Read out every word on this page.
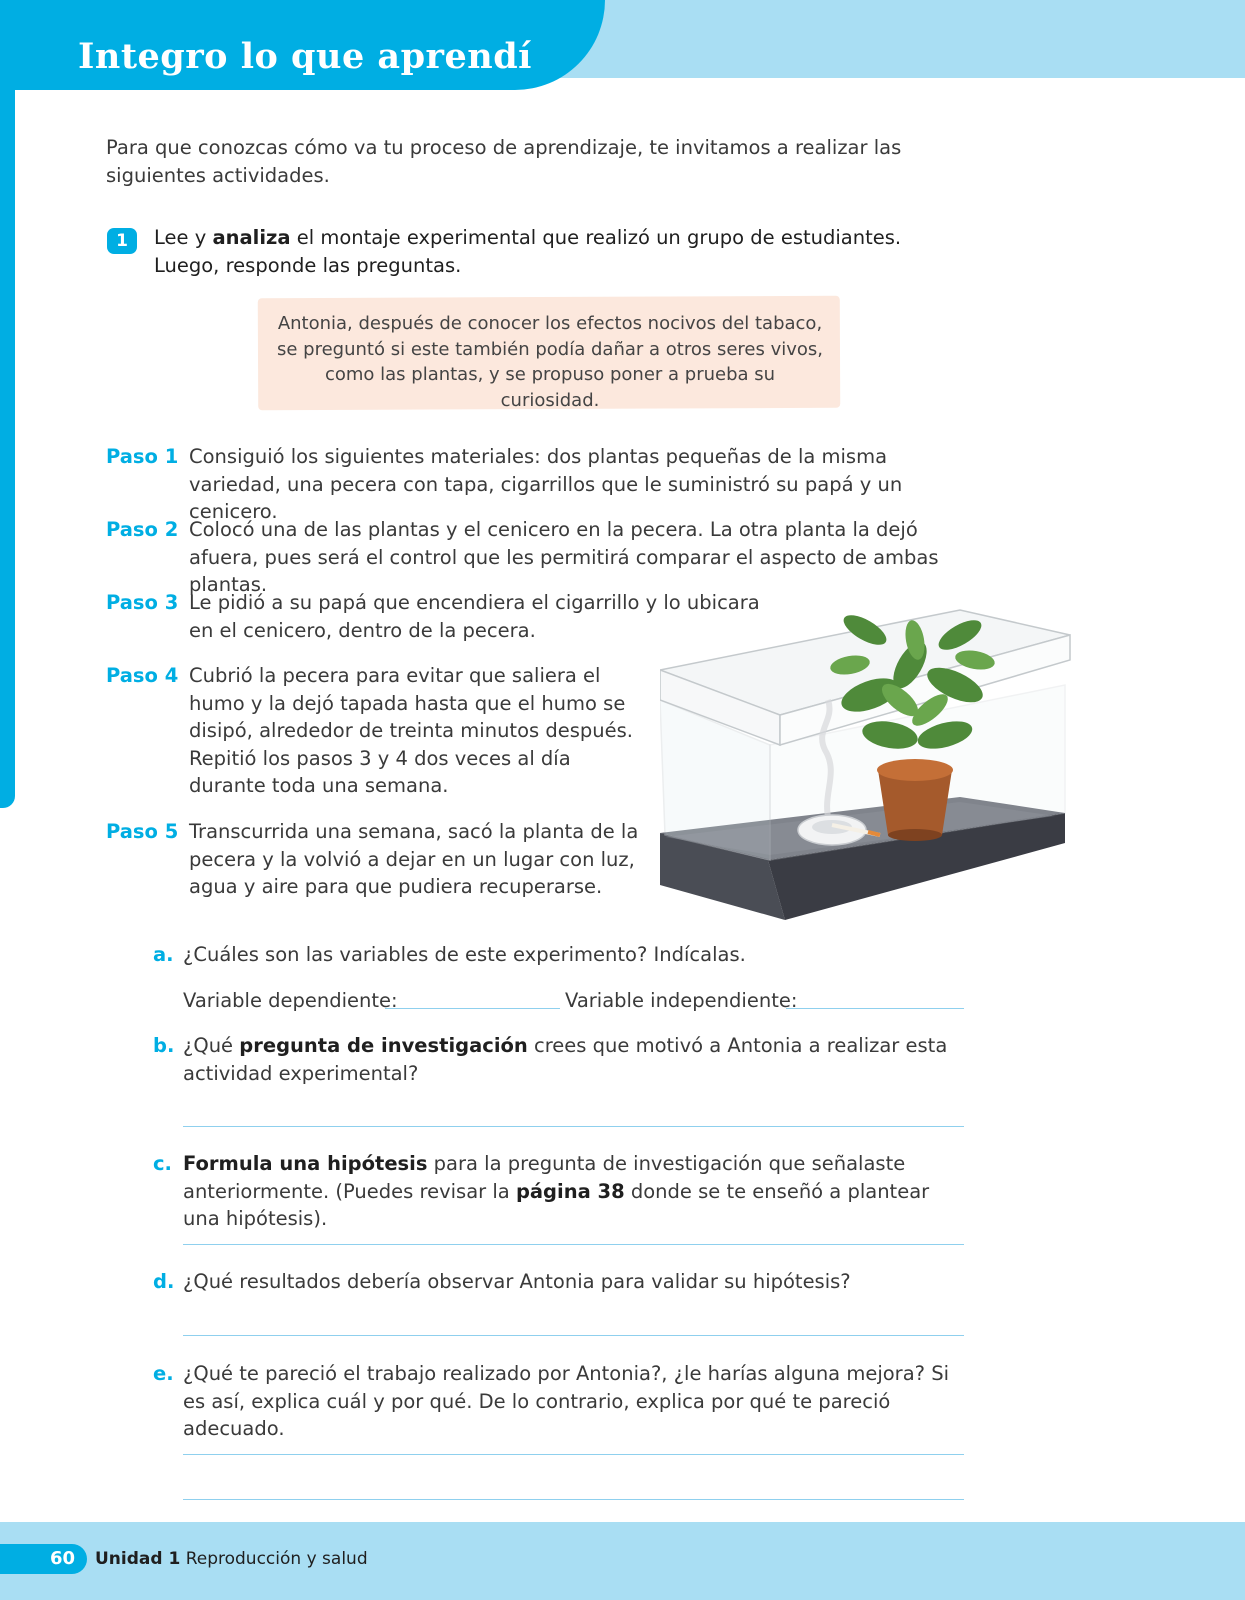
Integro lo que aprendí
Para que conozcas cómo va tu proceso de aprendizaje, te invitamos a realizar las siguientes actividades.
1	Lee y analiza el montaje experimental que realizó un grupo de estudiantes. Luego, responde las preguntas.
Antonia, después de conocer los efectos nocivos del tabaco,
se preguntó si este también podía dañar a otros seres vivos,
como las plantas, y se propuso poner a prueba su curiosidad.
Paso 1 Consiguió los siguientes materiales: dos plantas pequeñas de la misma variedad, una pecera con tapa, cigarrillos que le suministró su papá y un cenicero.
Paso 2 Colocó una de las plantas y el cenicero en la pecera. La otra planta la dejó afuera, pues será el control que les permitirá comparar el aspecto de ambas plantas.
Paso 3 Le pidió a su papá que encendiera el cigarrillo y lo ubicara en el cenicero, dentro de la pecera.
Paso 4 Cubrió la pecera para evitar que saliera el humo y la dejó tapada hasta que el humo se disipó, alrededor de treinta minutos después. Repitió los pasos 3 y 4 dos veces al día durante toda una semana.
Paso 5 Transcurrida una semana, sacó la planta de la pecera y la volvió a dejar en un lugar con luz, agua y aire para que pudiera recuperarse.
a. ¿Cuáles son las variables de este experimento? Indícalas.
Variable dependiente:	Variable independiente:
b. ¿Qué pregunta de investigación crees que motivó a Antonia a realizar esta actividad experimental?
c. Formula una hipótesis para la pregunta de investigación que señalaste anteriormente. (Puedes revisar la página 38 donde se te enseñó a plantear una hipótesis).
d. ¿Qué resultados debería observar Antonia para validar su hipótesis?
e. ¿Qué te pareció el trabajo realizado por Antonia?, ¿le harías alguna mejora? Si es así, explica cuál y por qué. De lo contrario, explica por qué te pareció adecuado.
60	Unidad 1 Reproducción y salud
